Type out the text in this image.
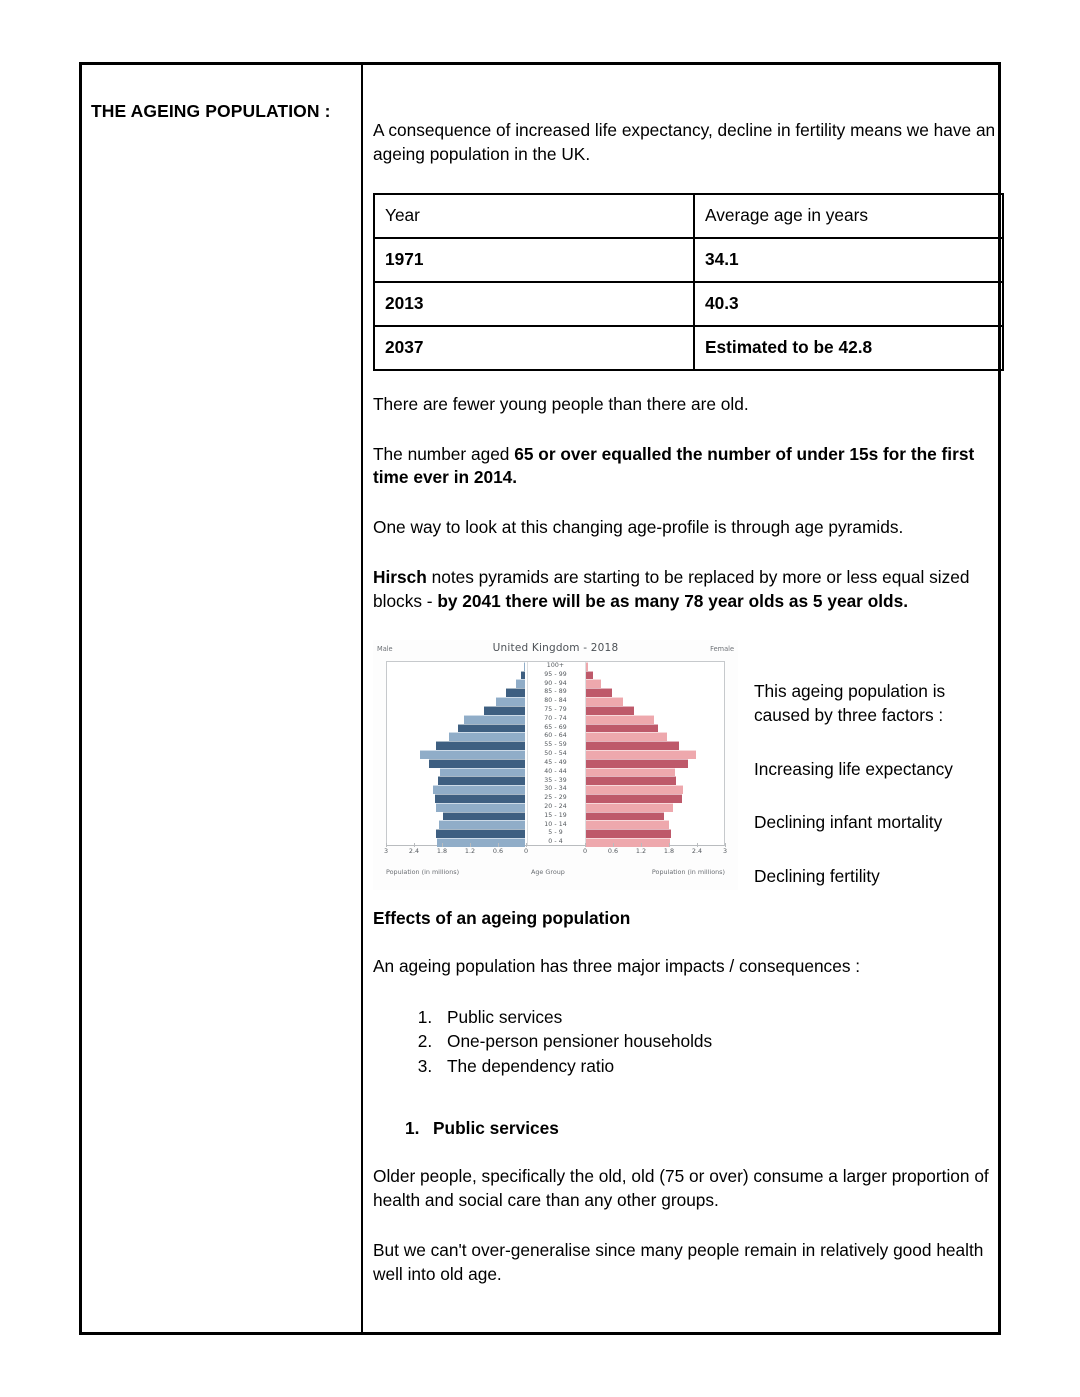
THE AGEING POPULATION :

A consequence of increased life expectancy, decline in fertility means we have an ageing population in the UK.

Year	Average age in years
1971	34.1
2013	40.3
2037	Estimated to be 42.8

There are fewer young people than there are old.

The number aged 65 or over equalled the number of under 15s for the first time ever in 2014.

One way to look at this changing age-profile is through age pyramids.

Hirsch notes pyramids are starting to be replaced by more or less equal sized blocks - by 2041 there will be as many 78 year olds as 5 year olds.

Male	United Kingdom - 2018	Female
100+
95 - 99
90 - 94
85 - 89
80 - 84
75 - 79
70 - 74
65 - 69
60 - 64
55 - 59
50 - 54
45 - 49
40 - 44
35 - 39
30 - 34
25 - 29
20 - 24
15 - 19
10 - 14
5 - 9
0 - 4
3	2.4	1.8	1.2	0.6	0	0	0.6	1.2	1.8	2.4	3
Population (in millions)	Age Group	Population (in millions)

This ageing population is caused by three factors :

Increasing life expectancy

Declining infant mortality

Declining fertility

Effects of an ageing population

An ageing population has three major impacts / consequences :

1. Public services
2. One-person pensioner households
3. The dependency ratio
1. Public services

Older people, specifically the old, old (75 or over) consume a larger proportion of health and social care than any other groups.

But we can't over-generalise since many people remain in relatively good health well into old age.
